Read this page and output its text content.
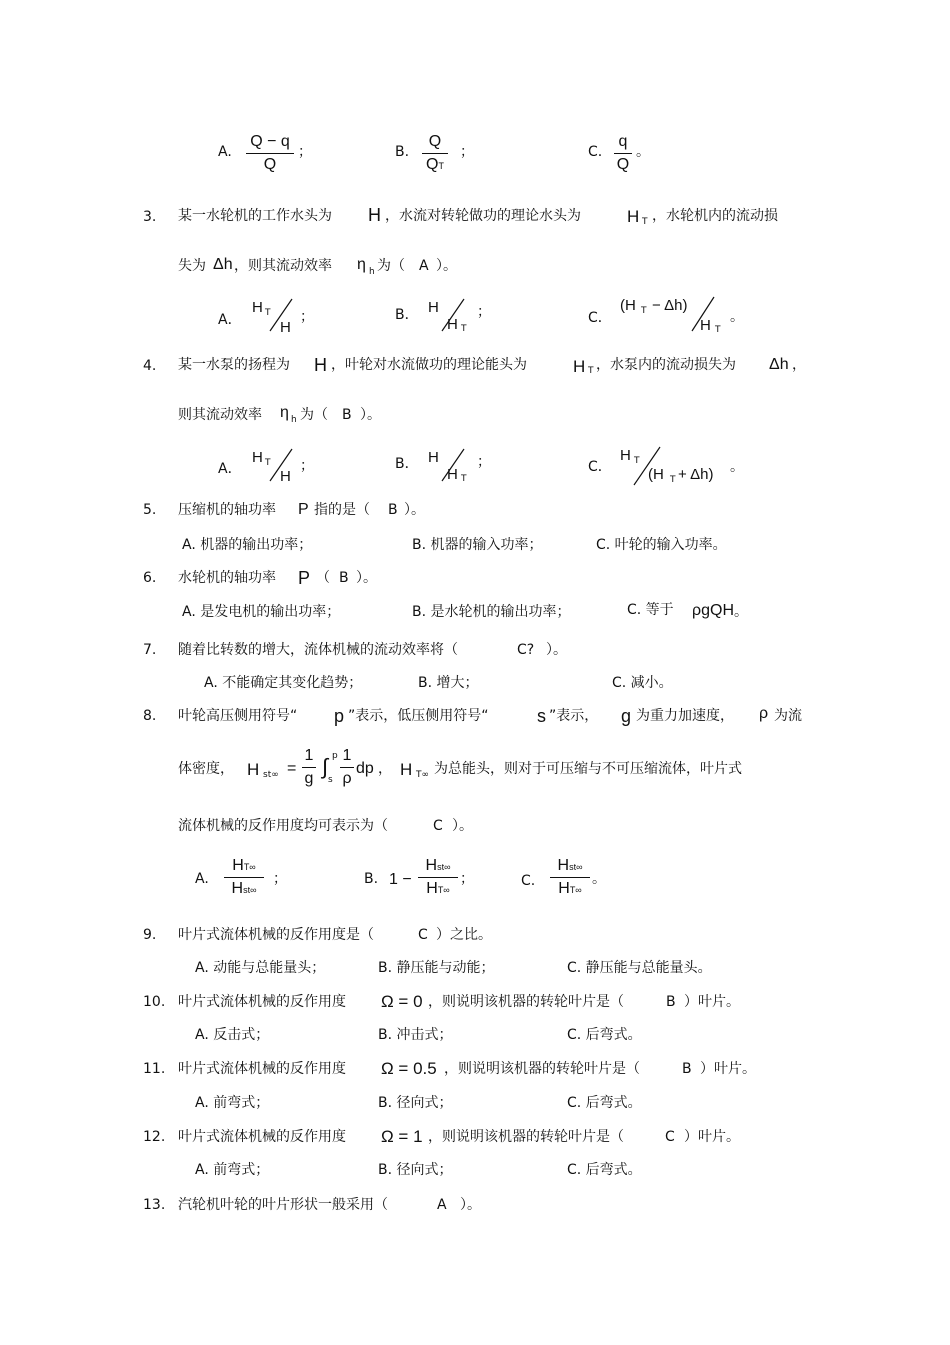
A.
Q − q
Q
；	B.
Q
QT
；	C.
q
Q
。
3. 某一水轮机的工作水头为 H ，水流对转轮做功的理论水头为	H T ，水轮机内的流动损
失为 Δh ，则其流动效率 η h 为（ A ）。
A．
H T
H
；	B． H
H T
；	C．
(H T − Δh)
H T
。
4. 某一水泵的扬程为 H ，叶轮对水流做功的理论能头为	H T ，水泵内的流动损失为 Δh ，
则其流动效率 η h 为（ B ）。
A．
H T
H
；	B． H
H T
；	C．
H T
(H T + Δh) 。
5. 压缩机的轴功率 P 指的是（ B ）。
A. 机器的输出功率；	B. 机器的输入功率；	C. 叶轮的输入功率。
6. 水轮机的轴功率 P （ B ）。
A. 是发电机的输出功率；	B. 是水轮机的输出功率；	C. 等于 ρgQH 。
7. 随着比转数的增大，流体机械的流动效率将（	C? ）。
A. 不能确定其变化趋势；	B. 增大；	C. 减小。
8. 叶轮高压侧用符号“ p ”表示，低压侧用符号“	s ”表示， g 为重力加速度， ρ 为流
体密度， H st∞ =
1
g ∫ p
s
1
ρ
dp ， H T∞ 为总能头，则对于可压缩与不可压缩流体，叶片式
流体机械的反作用度均可表示为（	C ）。
A.
HT∞
Hst∞
；	B. 1 −
Hst∞
HT∞
；	C.
Hst∞
HT∞
。
9. 叶片式流体机械的反作用度是（	C ）之比。
A. 动能与总能量头；	B. 静压能与动能；	C. 静压能与总能量头。
10. 叶片式流体机械的反作用度 Ω = 0 ，则说明该机器的转轮叶片是（	B ）叶片。
A. 反击式；	B. 冲击式；	C. 后弯式。
11. 叶片式流体机械的反作用度 Ω = 0.5 ，则说明该机器的转轮叶片是（	B ）叶片。
A. 前弯式；	B. 径向式；	C. 后弯式。
12. 叶片式流体机械的反作用度 Ω = 1 ，则说明该机器的转轮叶片是（	C ）叶片。
A. 前弯式；	B. 径向式；	C. 后弯式。
13. 汽轮机叶轮的叶片形状一般采用（	A ）。
